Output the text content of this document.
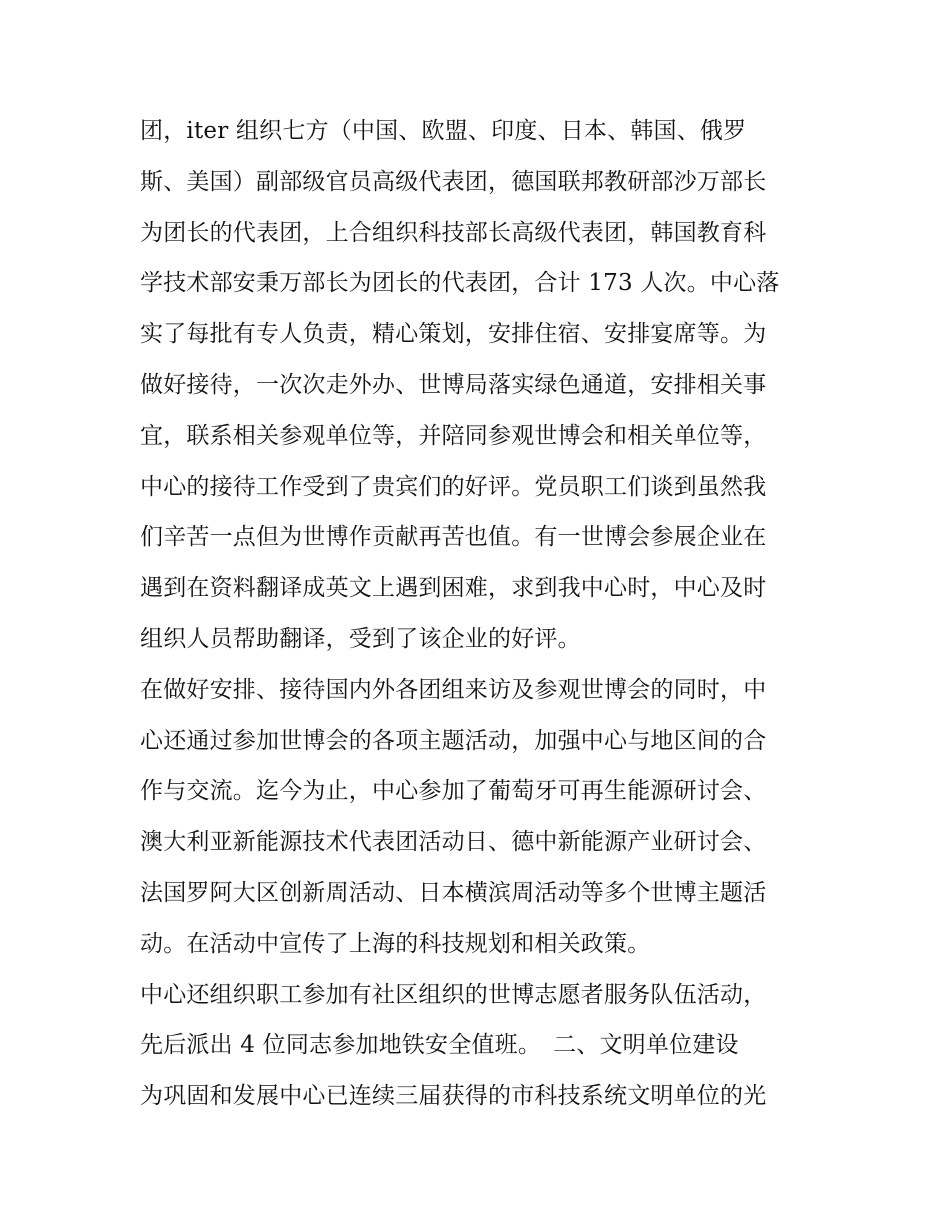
团，iter 组织七方（中国、欧盟、印度、日本、韩国、俄罗
斯、美国）副部级官员高级代表团，德国联邦教研部沙万部长
为团长的代表团，上合组织科技部长高级代表团，韩国教育科
学技术部安秉万部长为团长的代表团，合计 173 人次。中心落
实了每批有专人负责，精心策划，安排住宿、安排宴席等。为
做好接待，一次次走外办、世博局落实绿色通道，安排相关事
宜，联系相关参观单位等，并陪同参观世博会和相关单位等，
中心的接待工作受到了贵宾们的好评。党员职工们谈到虽然我
们辛苦一点但为世博作贡献再苦也值。有一世博会参展企业在
遇到在资料翻译成英文上遇到困难，求到我中心时，中心及时
组织人员帮助翻译，受到了该企业的好评。
在做好安排、接待国内外各团组来访及参观世博会的同时，中
心还通过参加世博会的各项主题活动，加强中心与地区间的合
作与交流。迄今为止，中心参加了葡萄牙可再生能源研讨会、
澳大利亚新能源技术代表团活动日、德中新能源产业研讨会、
法国罗阿大区创新周活动、日本横滨周活动等多个世博主题活
动。在活动中宣传了上海的科技规划和相关政策。
中心还组织职工参加有社区组织的世博志愿者服务队伍活动，
先后派出 4 位同志参加地铁安全值班。 二、文明单位建设
为巩固和发展中心已连续三届获得的市科技系统文明单位的光
